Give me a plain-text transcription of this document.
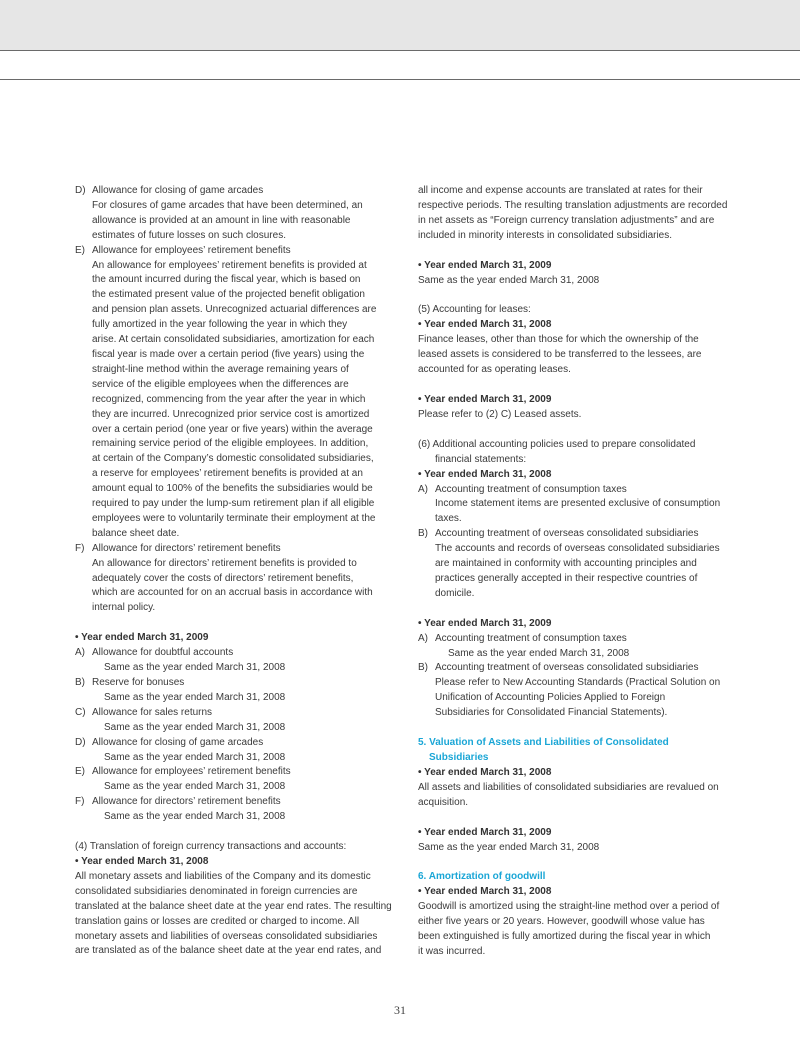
D) Allowance for closing of game arcades
For closures of game arcades that have been determined, an
allowance is provided at an amount in line with reasonable
estimates of future losses on such closures.
E) Allowance for employees’ retirement benefits
An allowance for employees’ retirement benefits is provided at
the amount incurred during the fiscal year, which is based on
the estimated present value of the projected benefit obligation
and pension plan assets. Unrecognized actuarial differences are
fully amortized in the year following the year in which they
arise. At certain consolidated subsidiaries, amortization for each
fiscal year is made over a certain period (five years) using the
straight-line method within the average remaining years of
service of the eligible employees when the differences are
recognized, commencing from the year after the year in which
they are incurred. Unrecognized prior service cost is amortized
over a certain period (one year or five years) within the average
remaining service period of the eligible employees. In addition,
at certain of the Company’s domestic consolidated subsidiaries,
a reserve for employees’ retirement benefits is provided at an
amount equal to 100% of the benefits the subsidiaries would be
required to pay under the lump-sum retirement plan if all eligible
employees were to voluntarily terminate their employment at the
balance sheet date.
F) Allowance for directors’ retirement benefits
An allowance for directors’ retirement benefits is provided to
adequately cover the costs of directors’ retirement benefits,
which are accounted for on an accrual basis in accordance with
internal policy.
• Year ended March 31, 2009
A) Allowance for doubtful accounts
Same as the year ended March 31, 2008
B) Reserve for bonuses
Same as the year ended March 31, 2008
C) Allowance for sales returns
Same as the year ended March 31, 2008
D) Allowance for closing of game arcades
Same as the year ended March 31, 2008
E) Allowance for employees’ retirement benefits
Same as the year ended March 31, 2008
F) Allowance for directors’ retirement benefits
Same as the year ended March 31, 2008
(4) Translation of foreign currency transactions and accounts:
• Year ended March 31, 2008
All monetary assets and liabilities of the Company and its domestic
consolidated subsidiaries denominated in foreign currencies are
translated at the balance sheet date at the year end rates. The resulting
translation gains or losses are credited or charged to income. All
monetary assets and liabilities of overseas consolidated subsidiaries
are translated as of the balance sheet date at the year end rates, and
all income and expense accounts are translated at rates for their
respective periods. The resulting translation adjustments are recorded
in net assets as “Foreign currency translation adjustments” and are
included in minority interests in consolidated subsidiaries.
• Year ended March 31, 2009
Same as the year ended March 31, 2008
(5) Accounting for leases:
• Year ended March 31, 2008
Finance leases, other than those for which the ownership of the
leased assets is considered to be transferred to the lessees, are
accounted for as operating leases.
• Year ended March 31, 2009
Please refer to (2) C) Leased assets.
(6) Additional accounting policies used to prepare consolidated
financial statements:
• Year ended March 31, 2008
A) Accounting treatment of consumption taxes
Income statement items are presented exclusive of consumption
taxes.
B) Accounting treatment of overseas consolidated subsidiaries
The accounts and records of overseas consolidated subsidiaries
are maintained in conformity with accounting principles and
practices generally accepted in their respective countries of
domicile.
• Year ended March 31, 2009
A) Accounting treatment of consumption taxes
Same as the year ended March 31, 2008
B) Accounting treatment of overseas consolidated subsidiaries
Please refer to New Accounting Standards (Practical Solution on
Unification of Accounting Policies Applied to Foreign
Subsidiaries for Consolidated Financial Statements).
5. Valuation of Assets and Liabilities of Consolidated
Subsidiaries
• Year ended March 31, 2008
All assets and liabilities of consolidated subsidiaries are revalued on
acquisition.
• Year ended March 31, 2009
Same as the year ended March 31, 2008
6. Amortization of goodwill
• Year ended March 31, 2008
Goodwill is amortized using the straight-line method over a period of
either five years or 20 years. However, goodwill whose value has
been extinguished is fully amortized during the fiscal year in which
it was incurred.
31
